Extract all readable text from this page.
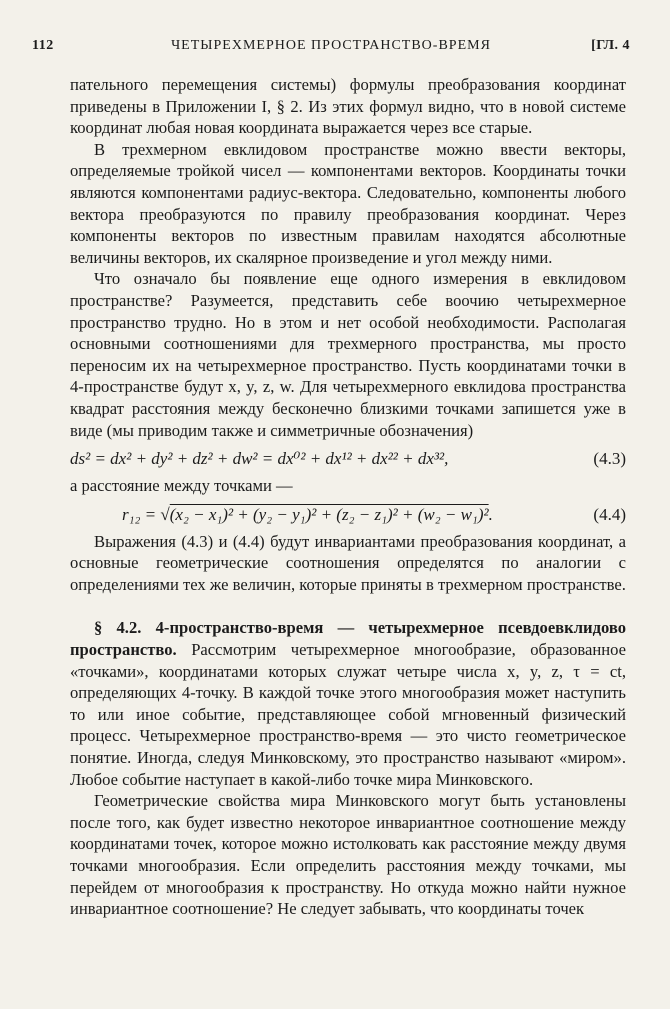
112	ЧЕТЫРЕХМЕРНОЕ ПРОСТРАНСТВО-ВРЕМЯ	[ГЛ. 4

пательного перемещения системы) формулы преобразования координат приведены в Приложении I, § 2. Из этих формул видно, что в новой системе координат любая новая координата выражается через все старые.

В трехмерном евклидовом пространстве можно ввести векторы, определяемые тройкой чисел — компонентами векторов. Координаты точки являются компонентами радиус-вектора. Следовательно, компоненты любого вектора преобразуются по правилу преобразования координат. Через компоненты векторов по известным правилам находятся абсолютные величины векторов, их скалярное произведение и угол между ними.

Что означало бы появление еще одного измерения в евклидовом пространстве? Разумеется, представить себе воочию четырехмерное пространство трудно. Но в этом и нет особой необходимости. Располагая основными соотношениями для трехмерного пространства, мы просто переносим их на четырехмерное пространство. Пусть координатами точки в 4-пространстве будут x, y, z, w. Для четырехмерного евклидова пространства квадрат расстояния между бесконечно близкими точками запишется уже в виде (мы приводим также и симметричные обозначения)

ds² = dx² + dy² + dz² + dw² = dx⁰² + dx¹² + dx²² + dx³²,	(4.3)

а расстояние между точками —

r₁₂ = √(x₂ − x₁)² + (y₂ − y₁)² + (z₂ − z₁)² + (w₂ − w₁)².	(4.4)

Выражения (4.3) и (4.4) будут инвариантами преобразования координат, а основные геометрические соотношения определятся по аналогии с определениями тех же величин, которые приняты в трехмерном пространстве.

§ 4.2. 4-пространство-время — четырехмерное псевдоевклидово пространство. Рассмотрим четырехмерное многообразие, образованное «точками», координатами которых служат четыре числа x, y, z, τ = ct, определяющих 4-точку. В каждой точке этого многообразия может наступить то или иное событие, представляющее собой мгновенный физический процесс. Четырехмерное пространство-время — это чисто геометрическое понятие. Иногда, следуя Минковскому, это пространство называют «миром». Любое событие наступает в какой-либо точке мира Минковского.

Геометрические свойства мира Минковского могут быть установлены после того, как будет известно некоторое инвариантное соотношение между координатами точек, которое можно истолковать как расстояние между двумя точками многообразия. Если определить расстояния между точками, мы перейдем от многообразия к пространству. Но откуда можно найти нужное инвариантное соотношение? Не следует забывать, что координаты точек
